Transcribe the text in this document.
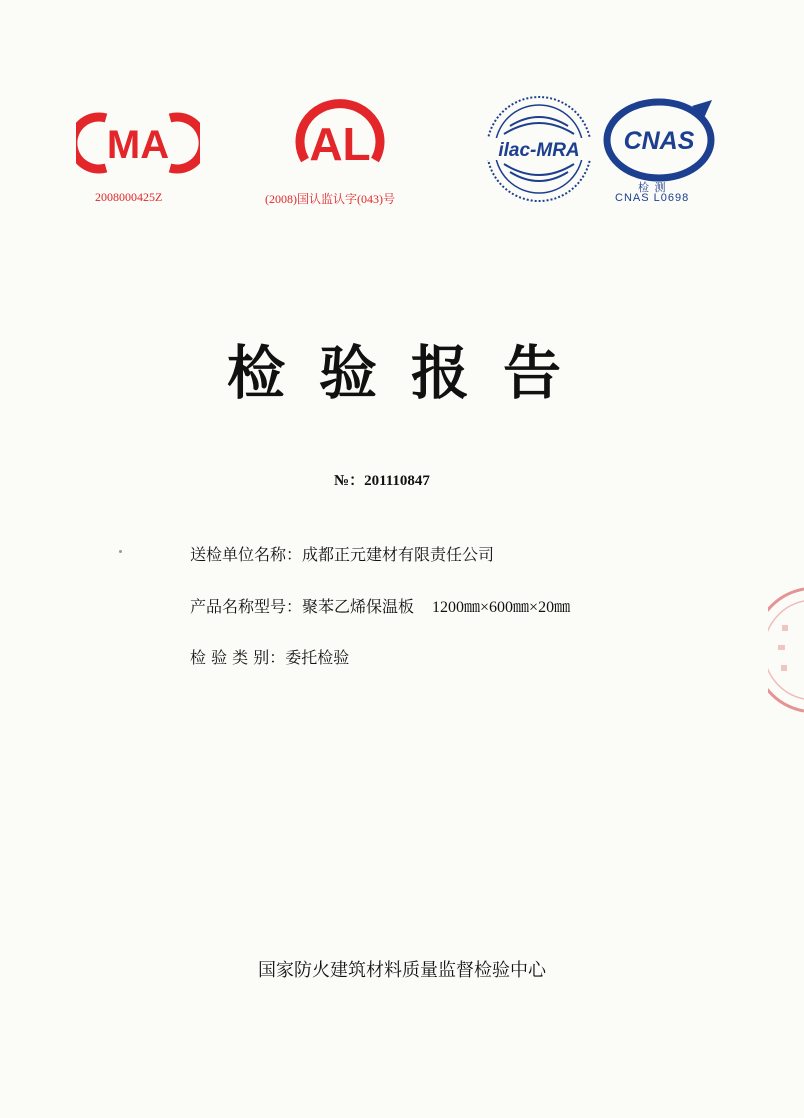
MA
2008000425Z
AL
(2008)国认监认字(043)号
ilac-MRA CNAS
检 测
CNAS L0698
检验报告
№：201110847
送检单位名称：成都正元建材有限责任公司
产品名称型号：聚苯乙烯保温板 1200㎜×600㎜×20㎜
检 验 类 别：委托检验
国家防火建筑材料质量监督检验中心
